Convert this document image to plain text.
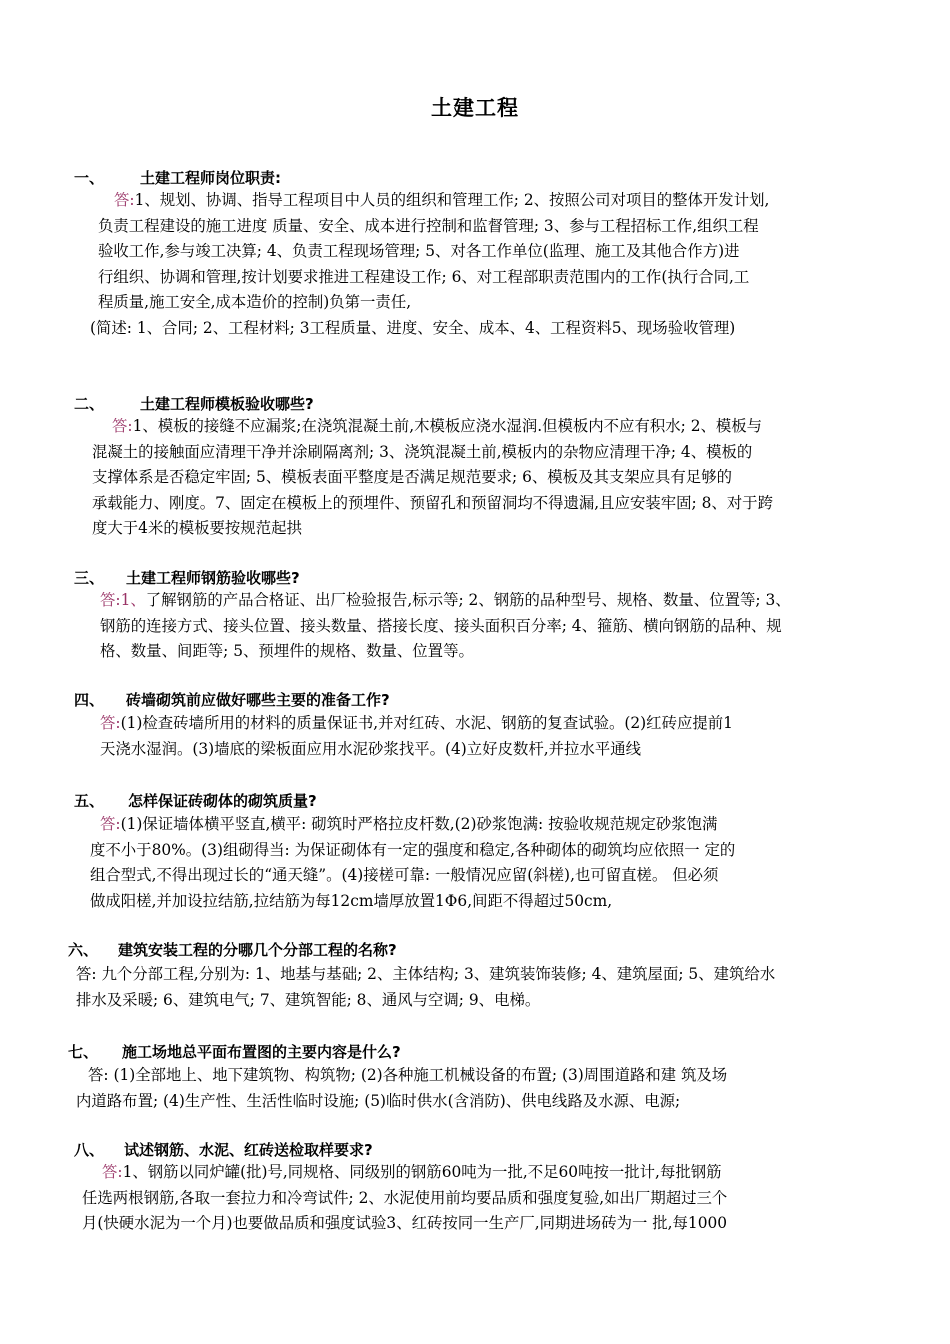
土建工程
一、 土建工程师岗位职责:
答:1、规划、协调、指导工程项目中人员的组织和管理工作; 2、按照公司对项目的整体开发计划,
负责工程建设的施工进度 质量、安全、成本进行控制和监督管理; 3、参与工程招标工作,组织工程
验收工作,参与竣工决算; 4、负责工程现场管理; 5、对各工作单位(监理、施工及其他合作方)进
行组织、协调和管理,按计划要求推进工程建设工作; 6、对工程部职责范围内的工作(执行合同,工
程质量,施工安全,成本造价的控制)负第一责任,
(简述: 1、合同; 2、工程材料; 3工程质量、进度、安全、成本、4、工程资料5、现场验收管理)
二、 土建工程师模板验收哪些?
答:1、模板的接缝不应漏浆;在浇筑混凝土前,木模板应浇水湿润.但模板内不应有积水; 2、模板与
混凝土的接触面应清理干净并涂刷隔离剂; 3、浇筑混凝土前,模板内的杂物应清理干净; 4、模板的
支撑体系是否稳定牢固; 5、模板表面平整度是否满足规范要求; 6、模板及其支架应具有足够的
承载能力、刚度。7、固定在模板上的预埋件、预留孔和预留洞均不得遗漏,且应安装牢固; 8、对于跨
度大于4米的模板要按规范起拱
三、 土建工程师钢筋验收哪些?
答:1、了解钢筋的产品合格证、出厂检验报告,标示等; 2、钢筋的品种型号、规格、数量、位置等; 3、
钢筋的连接方式、接头位置、接头数量、搭接长度、接头面积百分率; 4、箍筋、横向钢筋的品种、规
格、数量、间距等; 5、预埋件的规格、数量、位置等。
四、 砖墙砌筑前应做好哪些主要的准备工作?
答:(1)检查砖墙所用的材料的质量保证书,并对红砖、水泥、钢筋的复查试验。(2)红砖应提前1
天浇水湿润。(3)墙底的梁板面应用水泥砂浆找平。(4)立好皮数杆,并拉水平通线
五、 怎样保证砖砌体的砌筑质量?
答:(1)保证墙体横平竖直,横平: 砌筑时严格拉皮杆数,(2)砂浆饱满: 按验收规范规定砂浆饱满
度不小于80%。(3)组砌得当: 为保证砌体有一定的强度和稳定,各种砌体的砌筑均应依照一 定的
组合型式,不得出现过长的“通天缝”。(4)接槎可靠: 一般情况应留(斜槎),也可留直槎。 但必须
做成阳槎,并加设拉结筋,拉结筋为每12cm墙厚放置1Φ6,间距不得超过50cm,
六、 建筑安装工程的分哪几个分部工程的名称?
答: 九个分部工程,分别为: 1、地基与基础; 2、主体结构; 3、建筑装饰装修; 4、建筑屋面; 5、建筑给水
排水及采暖; 6、建筑电气; 7、建筑智能; 8、通风与空调; 9、电梯。
七、 施工场地总平面布置图的主要内容是什么?
答: (1)全部地上、地下建筑物、构筑物; (2)各种施工机械设备的布置; (3)周围道路和建 筑及场
内道路布置; (4)生产性、生活性临时设施; (5)临时供水(含消防)、供电线路及水源、电源;
八、 试述钢筋、水泥、红砖送检取样要求?
答:1、钢筋以同炉罐(批)号,同规格、同级别的钢筋60吨为一批,不足60吨按一批计,每批钢筋
任选两根钢筋,各取一套拉力和冷弯试件; 2、水泥使用前均要品质和强度复验,如出厂期超过三个
月(快硬水泥为一个月)也要做品质和强度试验3、红砖按同一生产厂,同期进场砖为一 批,每1000
